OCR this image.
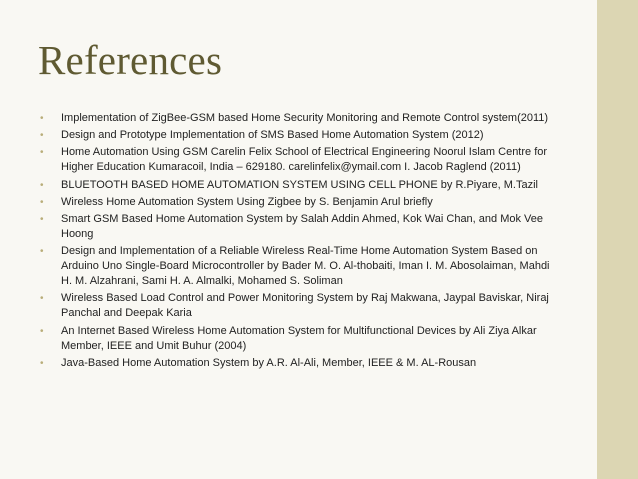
References
• Implementation of ZigBee-GSM based Home Security Monitoring and Remote Control system(2011)
• Design and Prototype Implementation of SMS Based Home Automation System (2012)
• Home Automation Using GSM Carelin Felix School of Electrical Engineering Noorul Islam Centre for Higher Education Kumaracoil, India – 629180. carelinfelix@ymail.com I. Jacob Raglend (2011)
• BLUETOOTH BASED HOME AUTOMATION SYSTEM USING CELL PHONE by R.Piyare, M.Tazil
• Wireless Home Automation System Using Zigbee by S. Benjamin Arul briefly
• Smart GSM Based Home Automation System by Salah Addin Ahmed, Kok Wai Chan, and Mok Vee Hoong
• Design and Implementation of a Reliable Wireless Real-Time Home Automation System Based on Arduino Uno Single-Board Microcontroller by Bader M. O. Al-thobaiti, Iman I. M. Abosolaiman, Mahdi H. M. Alzahrani, Sami H. A. Almalki, Mohamed S. Soliman
• Wireless Based Load Control and Power Monitoring System by Raj Makwana, Jaypal Baviskar, Niraj Panchal and Deepak Karia
• An Internet Based Wireless Home Automation System for Multifunctional Devices by Ali Ziya Alkar Member, IEEE and Umit Buhur (2004)
• Java-Based Home Automation System by A.R. Al-Ali, Member, IEEE & M. AL-Rousan
